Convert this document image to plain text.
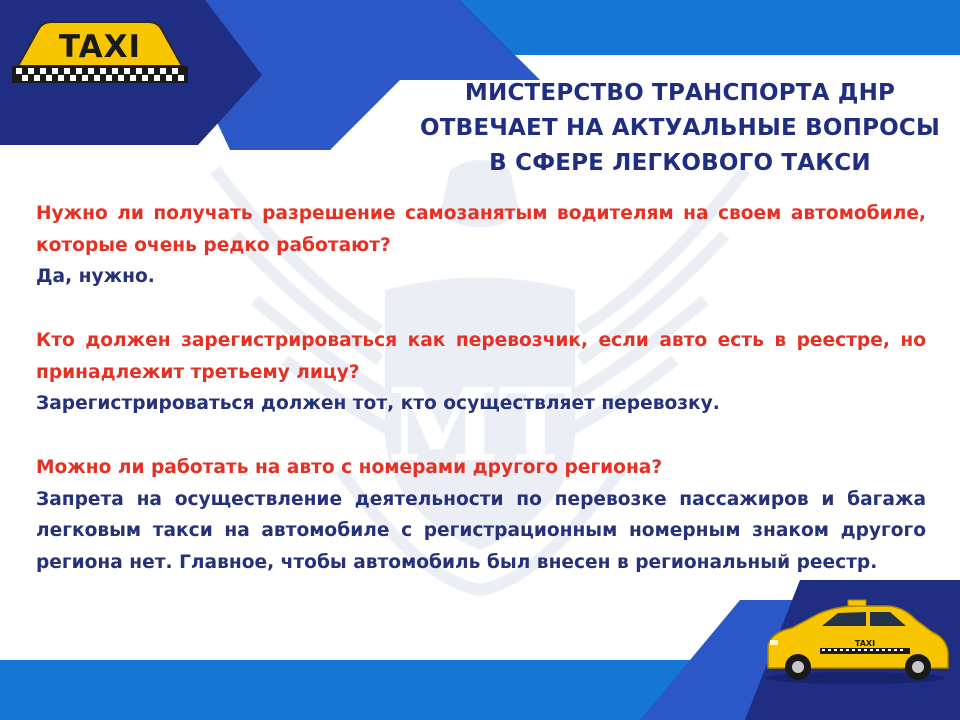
МТ
TAXI
TAXI
МИСТЕРСТВО ТРАНСПОРТА ДНР
ОТВЕЧАЕТ НА АКТУАЛЬНЫЕ ВОПРОСЫ
В СФЕРЕ ЛЕГКОВОГО ТАКСИ
Нужно ли получать разрешение самозанятым водителям на своем автомобиле, которые очень редко работают?
Да, нужно.
Кто должен зарегистрироваться как перевозчик, если авто есть в реестре, но принадлежит третьему лицу?
Зарегистрироваться должен тот, кто осуществляет перевозку.
Можно ли работать на авто с номерами другого региона?
Запрета на осуществление деятельности по перевозке пассажиров и багажа легковым такси на автомобиле с регистрационным номерным знаком другого региона нет. Главное, чтобы автомобиль был внесен в региональный реестр.
